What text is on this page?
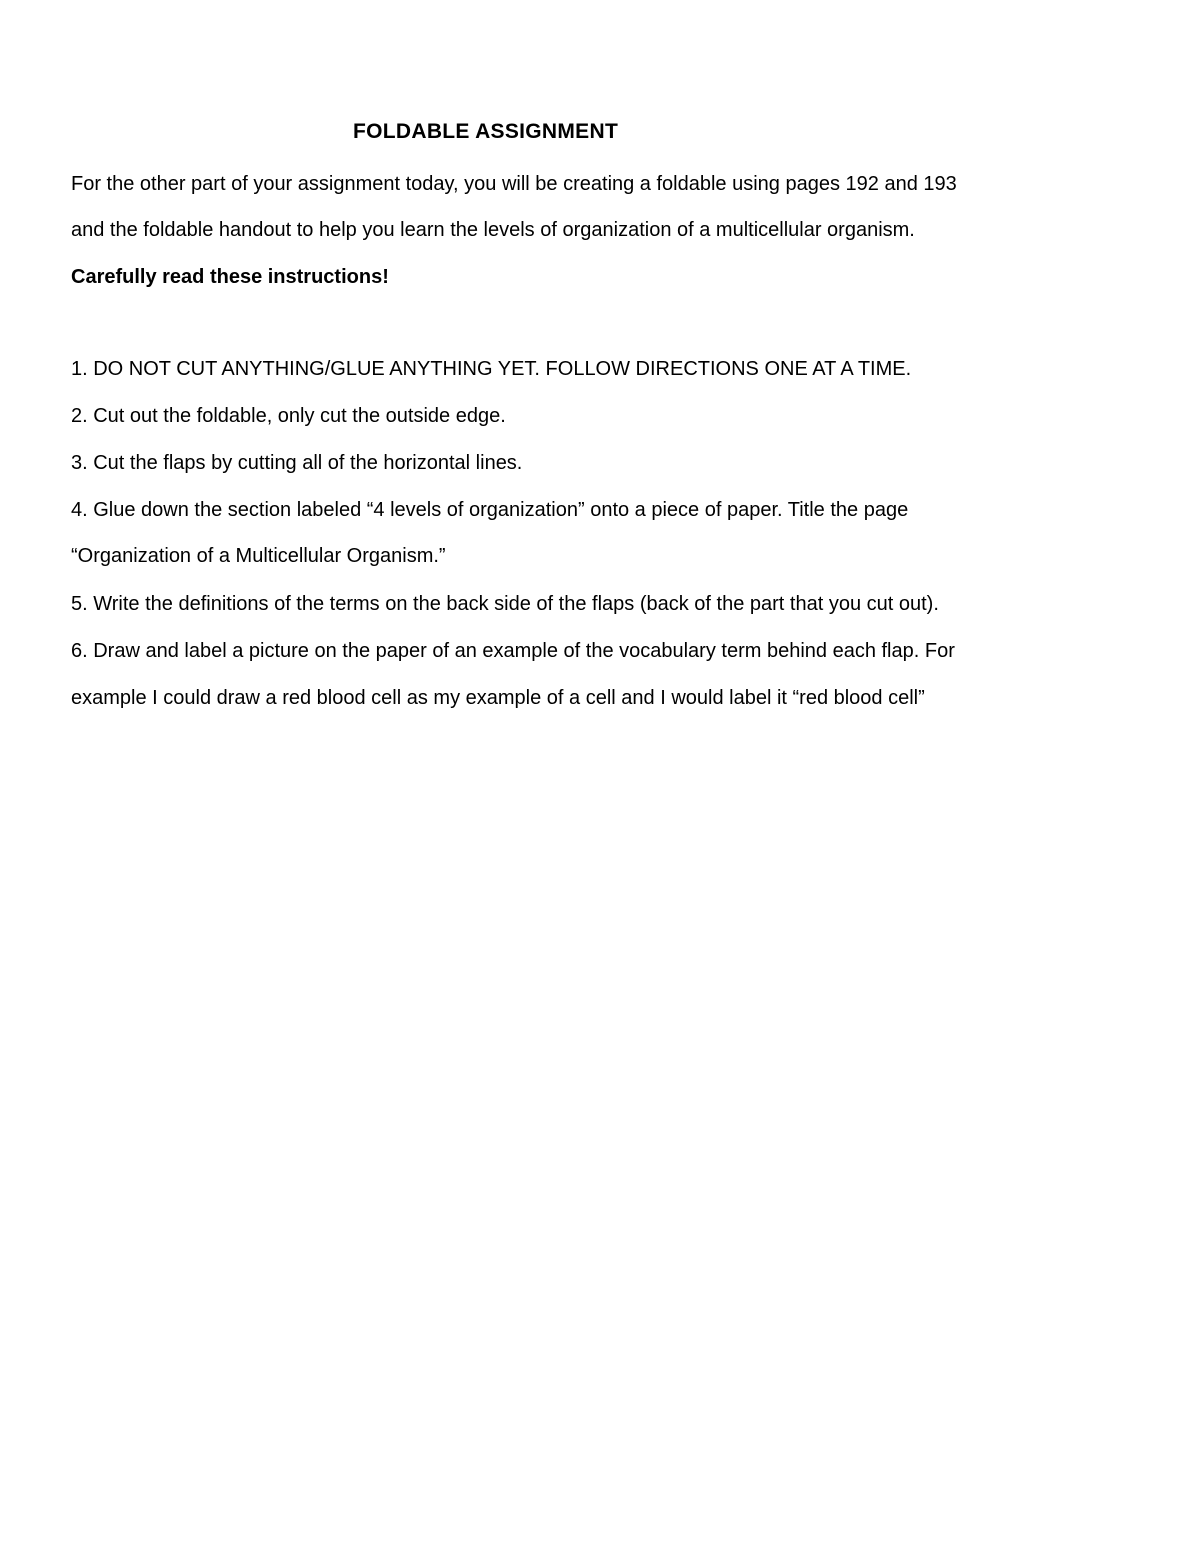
FOLDABLE ASSIGNMENT
For the other part of your assignment today, you will be creating a foldable using pages 192 and 193
and the foldable handout to help you learn the levels of organization of a multicellular organism.
Carefully read these instructions!
1. DO NOT CUT ANYTHING/GLUE ANYTHING YET. FOLLOW DIRECTIONS ONE AT A TIME.
2. Cut out the foldable, only cut the outside edge.
3. Cut the flaps by cutting all of the horizontal lines.
4. Glue down the section labeled “4 levels of organization” onto a piece of paper. Title the page
“Organization of a Multicellular Organism.”
5. Write the definitions of the terms on the back side of the flaps (back of the part that you cut out).
6. Draw and label a picture on the paper of an example of the vocabulary term behind each flap. For
example I could draw a red blood cell as my example of a cell and I would label it “red blood cell”
